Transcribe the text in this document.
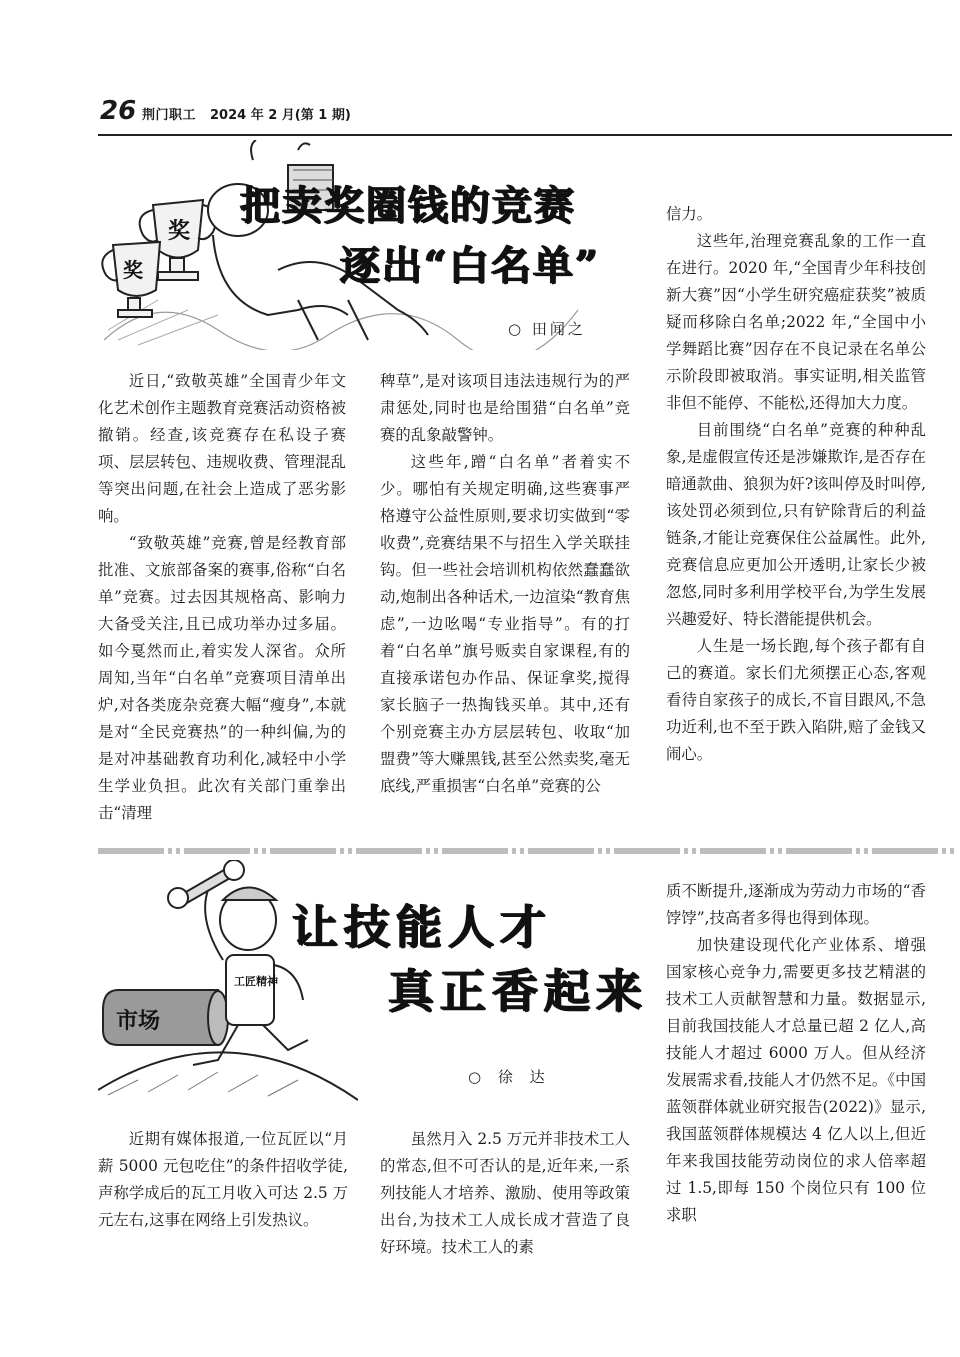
26 荆门职工 2024 年 2 月(第 1 期)
奖
奖
把卖奖圈钱的竞赛
逐出“白名单”
○ 田闻之

近日,“致敬英雄”全国青少年文化艺术创作主题教育竞赛活动资格被撤销。经查,该竞赛存在私设子赛项、层层转包、违规收费、管理混乱等突出问题,在社会上造成了恶劣影响。

“致敬英雄”竞赛,曾是经教育部批准、文旅部备案的赛事,俗称“白名单”竞赛。过去因其规格高、影响力大备受关注,且已成功举办过多届。如今戛然而止,着实发人深省。众所周知,当年“白名单”竞赛项目清单出炉,对各类庞杂竞赛大幅“瘦身”,本就是对“全民竞赛热”的一种纠偏,为的是对冲基础教育功利化,减轻中小学生学业负担。此次有关部门重拳出击“清理

稗草”,是对该项目违法违规行为的严肃惩处,同时也是给围猎“白名单”竞赛的乱象敲警钟。

这些年,蹭“白名单”者着实不少。哪怕有关规定明确,这些赛事严格遵守公益性原则,要求切实做到“零收费”,竞赛结果不与招生入学关联挂钩。但一些社会培训机构依然蠢蠢欲动,炮制出各种话术,一边渲染“教育焦虑”,一边吆喝“专业指导”。有的打着“白名单”旗号贩卖自家课程,有的直接承诺包办作品、保证拿奖,搅得家长脑子一热掏钱买单。其中,还有个别竞赛主办方层层转包、收取“加盟费”等大赚黑钱,甚至公然卖奖,毫无底线,严重损害“白名单”竞赛的公

信力。

这些年,治理竞赛乱象的工作一直在进行。2020 年,“全国青少年科技创新大赛”因“小学生研究癌症获奖”被质疑而移除白名单;2022 年,“全国中小学舞蹈比赛”因存在不良记录在名单公示阶段即被取消。事实证明,相关监管非但不能停、不能松,还得加大力度。

目前围绕“白名单”竞赛的种种乱象,是虚假宣传还是涉嫌欺诈,是否存在暗通款曲、狼狈为奸?该叫停及时叫停,该处罚必须到位,只有铲除背后的利益链条,才能让竞赛保住公益属性。此外,竞赛信息应更加公开透明,让家长少被忽悠,同时多利用学校平台,为学生发展兴趣爱好、特长潜能提供机会。

人生是一场长跑,每个孩子都有自己的赛道。家长们尤须摆正心态,客观看待自家孩子的成长,不盲目跟风,不急功近利,也不至于跌入陷阱,赔了金钱又闹心。

市场
工匠精神
让技能人才
真正香起来
○ 徐 达

近期有媒体报道,一位瓦匠以“月薪 5000 元包吃住”的条件招收学徒,声称学成后的瓦工月收入可达 2.5 万元左右,这事在网络上引发热议。

虽然月入 2.5 万元并非技术工人的常态,但不可否认的是,近年来,一系列技能人才培养、激励、使用等政策出台,为技术工人成长成才营造了良好环境。技术工人的素

质不断提升,逐渐成为劳动力市场的“香饽饽”,技高者多得也得到体现。

加快建设现代化产业体系、增强国家核心竞争力,需要更多技艺精湛的技术工人贡献智慧和力量。数据显示,目前我国技能人才总量已超 2 亿人,高技能人才超过 6000 万人。但从经济发展需求看,技能人才仍然不足。《中国蓝领群体就业研究报告(2022)》显示,我国蓝领群体规模达 4 亿人以上,但近年来我国技能劳动岗位的求人倍率超过 1.5,即每 150 个岗位只有 100 位求职
